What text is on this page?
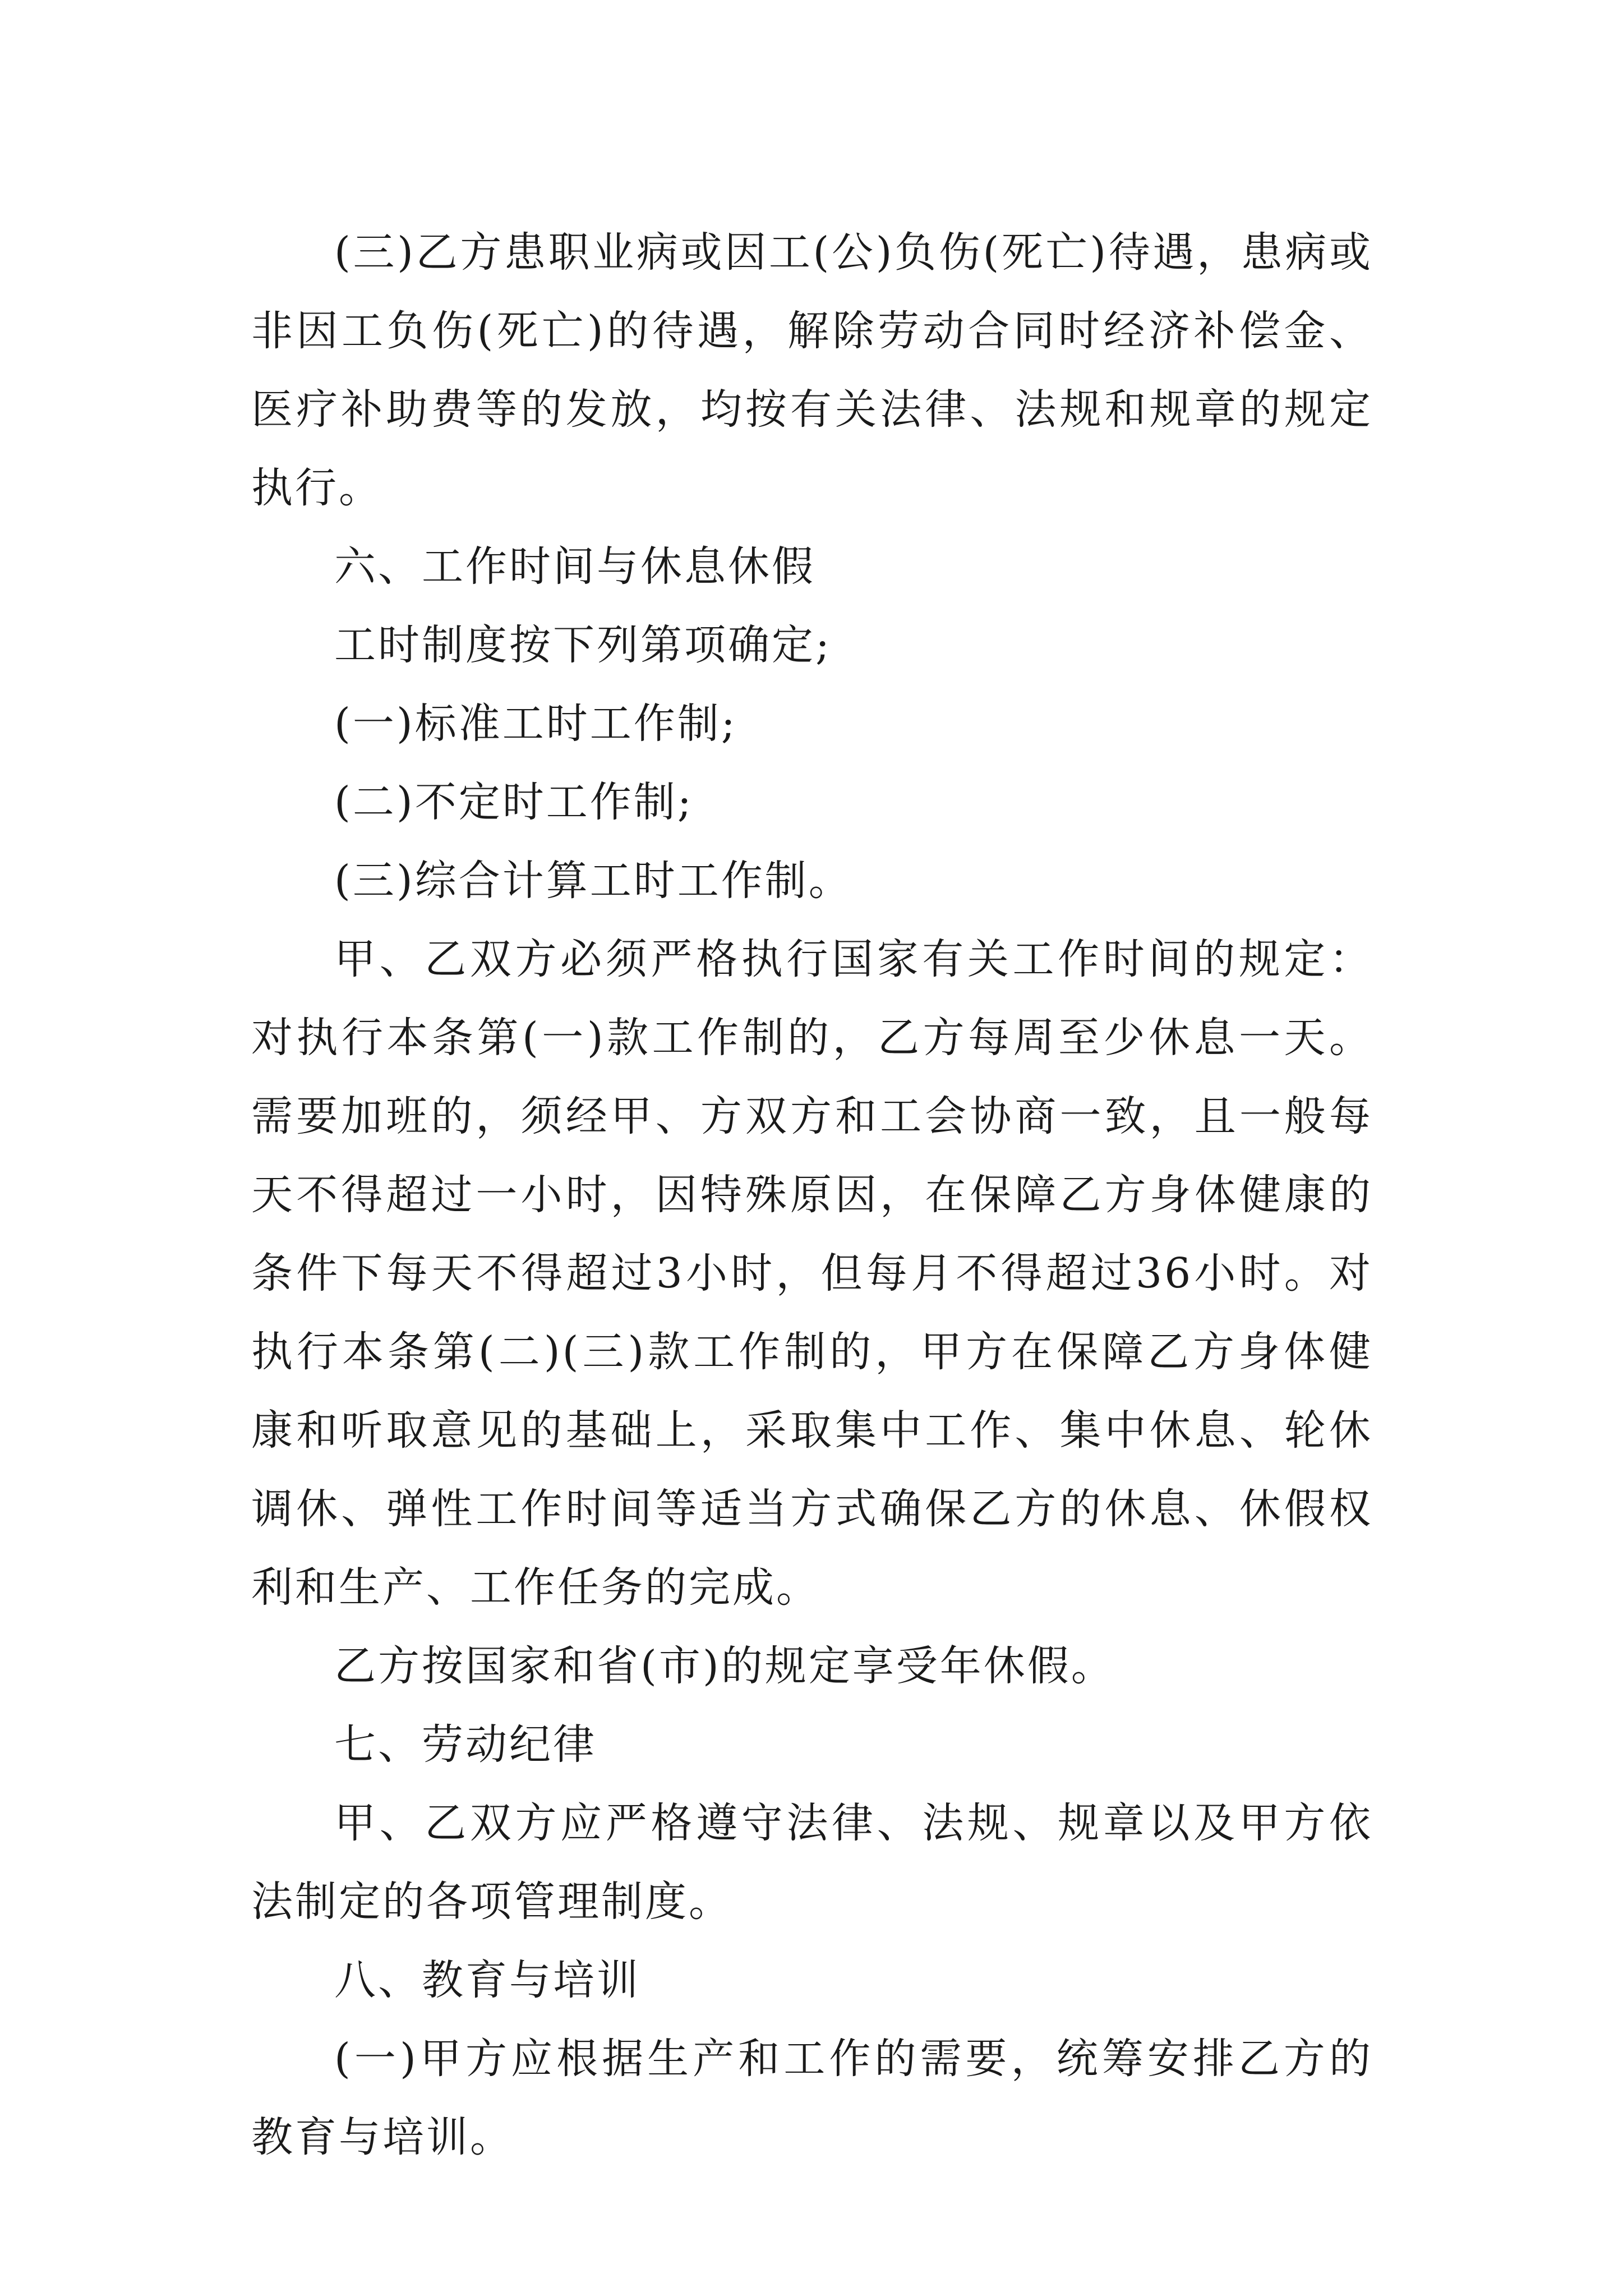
(三)乙方患职业病或因工(公)负伤(死亡)待遇，患病或非因工负伤(死亡)的待遇，解除劳动合同时经济补偿金、医疗补助费等的发放，均按有关法律、法规和规章的规定执行。

六、工作时间与休息休假

工时制度按下列第项确定;

(一)标准工时工作制;

(二)不定时工作制;

(三)综合计算工时工作制。

甲、乙双方必须严格执行国家有关工作时间的规定：对执行本条第(一)款工作制的，乙方每周至少休息一天。需要加班的，须经甲、方双方和工会协商一致，且一般每天不得超过一小时，因特殊原因，在保障乙方身体健康的条件下每天不得超过3小时，但每月不得超过36小时。对执行本条第(二)(三)款工作制的，甲方在保障乙方身体健康和听取意见的基础上，采取集中工作、集中休息、轮休调休、弹性工作时间等适当方式确保乙方的休息、休假权利和生产、工作任务的完成。

乙方按国家和省(市)的规定享受年休假。

七、劳动纪律

甲、乙双方应严格遵守法律、法规、规章以及甲方依法制定的各项管理制度。

八、教育与培训

(一)甲方应根据生产和工作的需要，统筹安排乙方的教育与培训。
